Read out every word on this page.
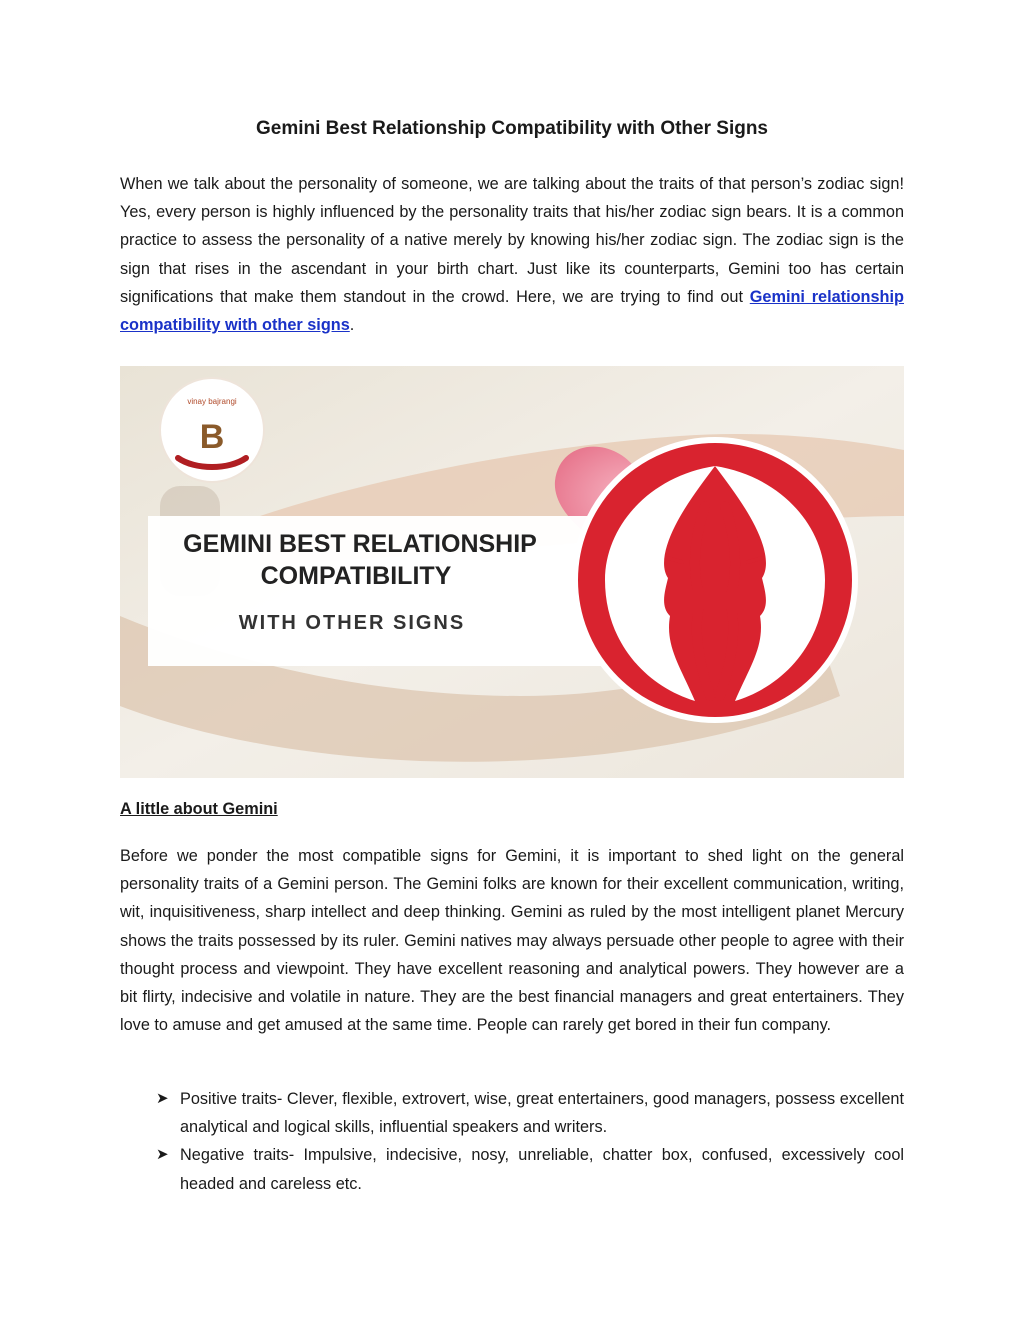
Gemini Best Relationship Compatibility with Other Signs

When we talk about the personality of someone, we are talking about the traits of that person’s zodiac sign! Yes, every person is highly influenced by the personality traits that his/her zodiac sign bears. It is a common practice to assess the personality of a native merely by knowing his/her zodiac sign. The zodiac sign is the sign that rises in the ascendant in your birth chart. Just like its counterparts, Gemini too has certain significations that make them standout in the crowd. Here, we are trying to find out Gemini relationship compatibility with other signs.

GEMINI BEST RELATIONSHIP
COMPATIBILITY
WITH OTHER SIGNS
vinay bajrangi
B
A little about Gemini

Before we ponder the most compatible signs for Gemini, it is important to shed light on the general personality traits of a Gemini person. The Gemini folks are known for their excellent communication, writing, wit, inquisitiveness, sharp intellect and deep thinking. Gemini as ruled by the most intelligent planet Mercury shows the traits possessed by its ruler. Gemini natives may always persuade other people to agree with their thought process and viewpoint. They have excellent reasoning and analytical powers. They however are a bit flirty, indecisive and volatile in nature. They are the best financial managers and great entertainers. They love to amuse and get amused at the same time. People can rarely get bored in their fun company.

➤ Positive traits- Clever, flexible, extrovert, wise, great entertainers, good managers, possess excellent analytical and logical skills, influential speakers and writers.
➤ Negative traits- Impulsive, indecisive, nosy, unreliable, chatter box, confused, excessively cool headed and careless etc.
